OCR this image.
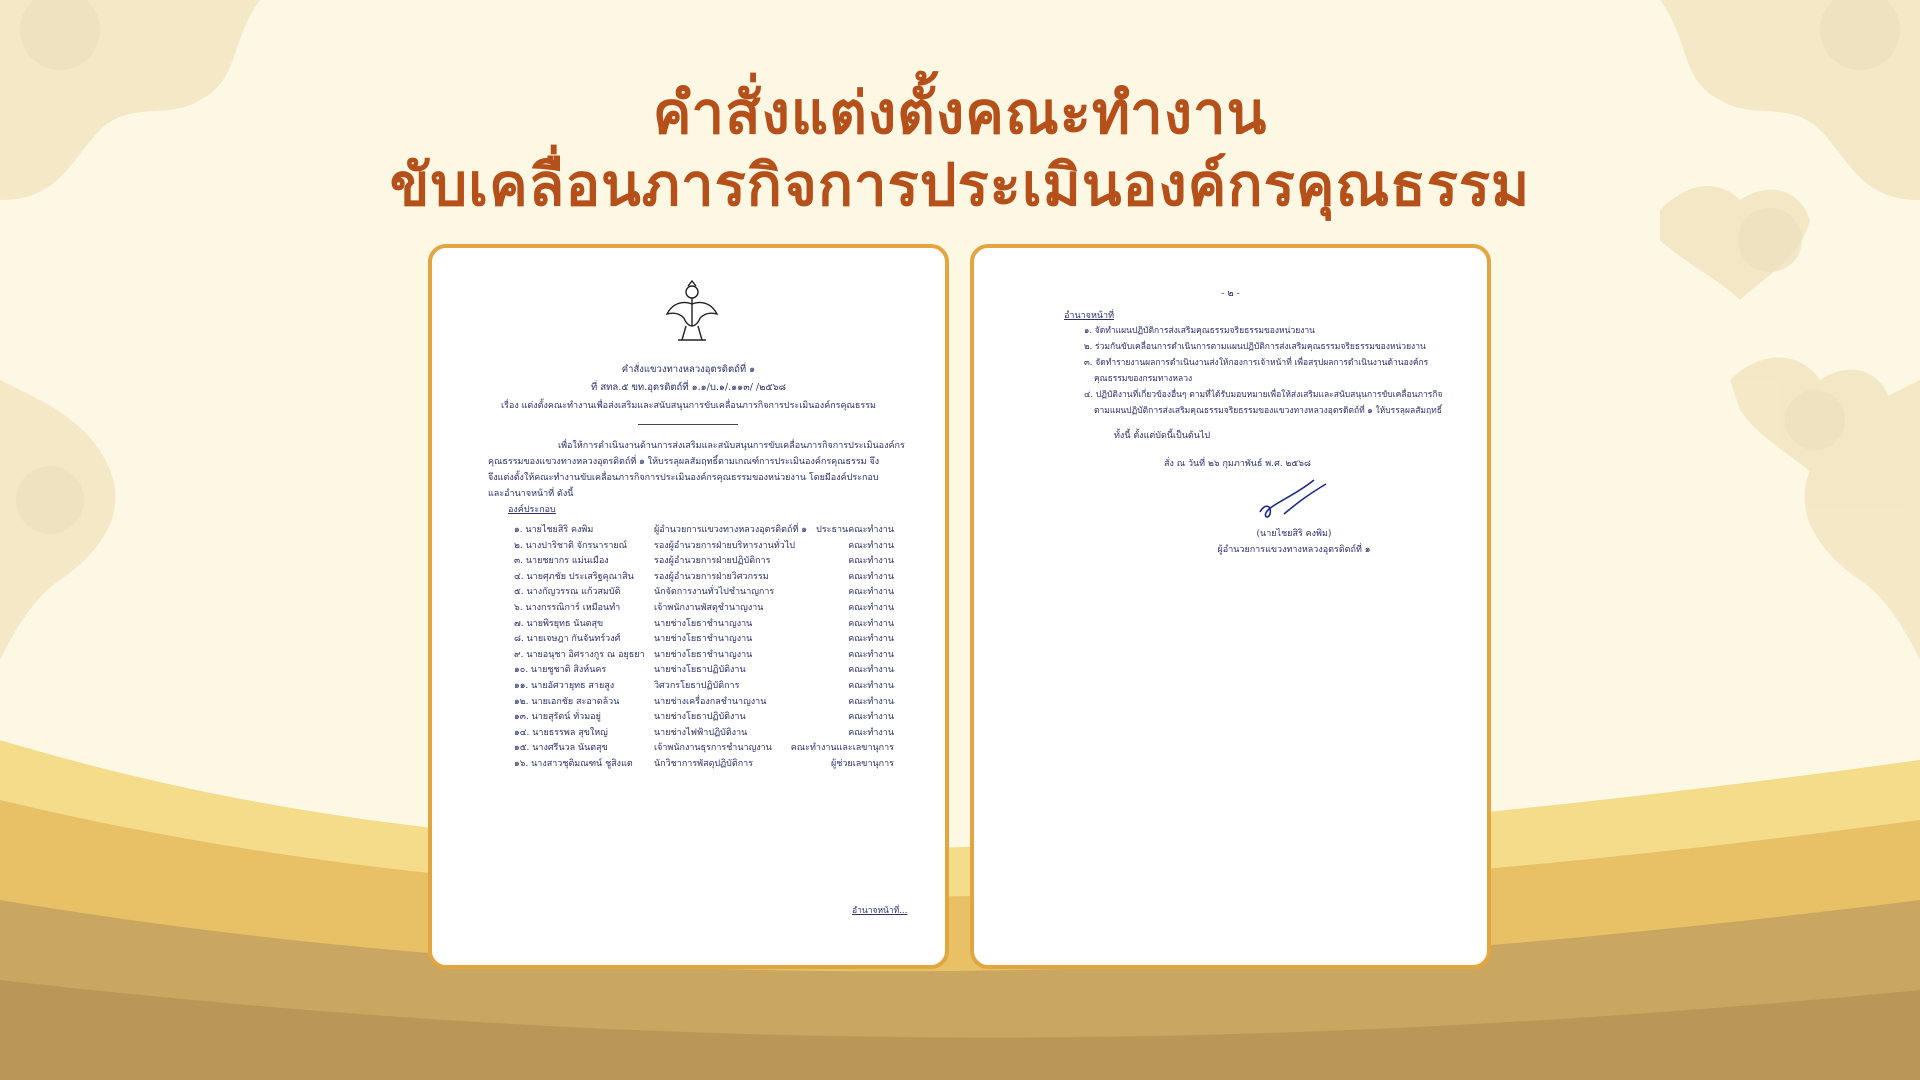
คำสั่งแต่งตั้งคณะทำงาน
ขับเคลื่อนภารกิจการประเมินองค์กรคุณธรรม
คำสั่งแขวงทางหลวงอุตรดิตถ์ที่ ๑
ที่ สทล.๕ ขท.อุตรดิตถ์ที่ ๑.๑/บ.๑/.๑๑๓/ /๒๕๖๘
เรื่อง แต่งตั้งคณะทำงานเพื่อส่งเสริมและสนับสนุนการขับเคลื่อนภารกิจการประเมินองค์กรคุณธรรม
เพื่อให้การดำเนินงานด้านการส่งเสริมและสนับสนุนการขับเคลื่อนภารกิจการประเมินองค์กร
คุณธรรมของแขวงทางหลวงอุตรดิตถ์ที่ ๑ ให้บรรลุผลสัมฤทธิ์ตามเกณฑ์การประเมินองค์กรคุณธรรม จึง
จึงแต่งตั้งให้คณะทำงานขับเคลื่อนภารกิจการประเมินองค์กรคุณธรรมของหน่วยงาน โดยมีองค์ประกอบ
และอำนาจหน้าที่ ดังนี้
องค์ประกอบ
๑. นายไชยสิริ คงพิม	ผู้อำนวยการแขวงทางหลวงอุตรดิตถ์ที่ ๑	ประธานคณะทำงาน
๒. นางปาริชาติ จักรนารายณ์	รองผู้อำนวยการฝ่ายบริหารงานทั่วไป	คณะทำงาน
๓. นายชยากร แม่นเมือง	รองผู้อำนวยการฝ่ายปฏิบัติการ	คณะทำงาน
๔. นายศุภชัย ประเสริฐคุณาสิน รองผู้อำนวยการฝ่ายวิศวกรรม	คณะทำงาน
๕. นางกัญวรรณ แก้วสมบัติ	นักจัดการงานทั่วไปชำนาญการ	คณะทำงาน
๖. นางกรรณิการ์ เหมือนทำ	เจ้าพนักงานพัสดุชำนาญงาน	คณะทำงาน
๗. นายพิรยุทธ นันตสุข	นายช่างโยธาชำนาญงาน	คณะทำงาน
๘. นายเจษฎา กันจันทร์วงศ์	นายช่างโยธาชำนาญงาน	คณะทำงาน
๙. นายอนุชา อิศรางกูร ณ อยุธยา นายช่างโยธาชำนาญงาน	คณะทำงาน
๑๐. นายชูชาติ สิงห์นคร	นายช่างโยธาปฏิบัติงาน	คณะทำงาน
๑๑. นายอัศวายุทธ สายสูง	วิศวกรโยธาปฏิบัติการ	คณะทำงาน
๑๒. นายเอกชัย สะอาดล้วน	นายช่างเครื่องกลชำนาญงาน	คณะทำงาน
๑๓. นายสุรัตน์ ทั่วมอยู่	นายช่างโยธาปฏิบัติงาน	คณะทำงาน
๑๔. นายธรรพล สุขใหญ่	นายช่างไฟฟ้าปฏิบัติงาน	คณะทำงาน
๑๕. นางศรีนวล นันตสุข	เจ้าพนักงานธุรการชำนาญงาน	คณะทำงานและเลขานุการ
๑๖. นางสาวชุติมณฑน์ ชูสิงแต นักวิชาการพัสดุปฏิบัติการ	ผู้ช่วยเลขานุการ
อำนาจหน้าที่...
- ๒ -
อำนาจหน้าที่
๑. จัดทำแผนปฏิบัติการส่งเสริมคุณธรรมจริยธรรมของหน่วยงาน
๒. ร่วมกันขับเคลื่อนการดำเนินการตามแผนปฏิบัติการส่งเสริมคุณธรรมจริยธรรมของหน่วยงาน
๓. จัดทำรายงานผลการดำเนินงานส่งให้กองการเจ้าหน้าที่ เพื่อสรุปผลการดำเนินงานด้านองค์กร
คุณธรรมของกรมทางหลวง
๔. ปฏิบัติงานที่เกี่ยวข้องอื่นๆ ตามที่ได้รับมอบหมายเพื่อให้ส่งเสริมและสนับสนุนการขับเคลื่อนภารกิจ
ตามแผนปฏิบัติการส่งเสริมคุณธรรมจริยธรรมของแขวงทางหลวงอุตรดิตถ์ที่ ๑ ให้บรรลุผลสัมฤทธิ์
ทั้งนี้ ตั้งแต่บัดนี้เป็นต้นไป
สั่ง ณ วันที่ ๒๖ กุมภาพันธ์ พ.ศ. ๒๕๖๘
(นายไชยสิริ คงพิม)
ผู้อำนวยการแขวงทางหลวงอุตรดิตถ์ที่ ๑
